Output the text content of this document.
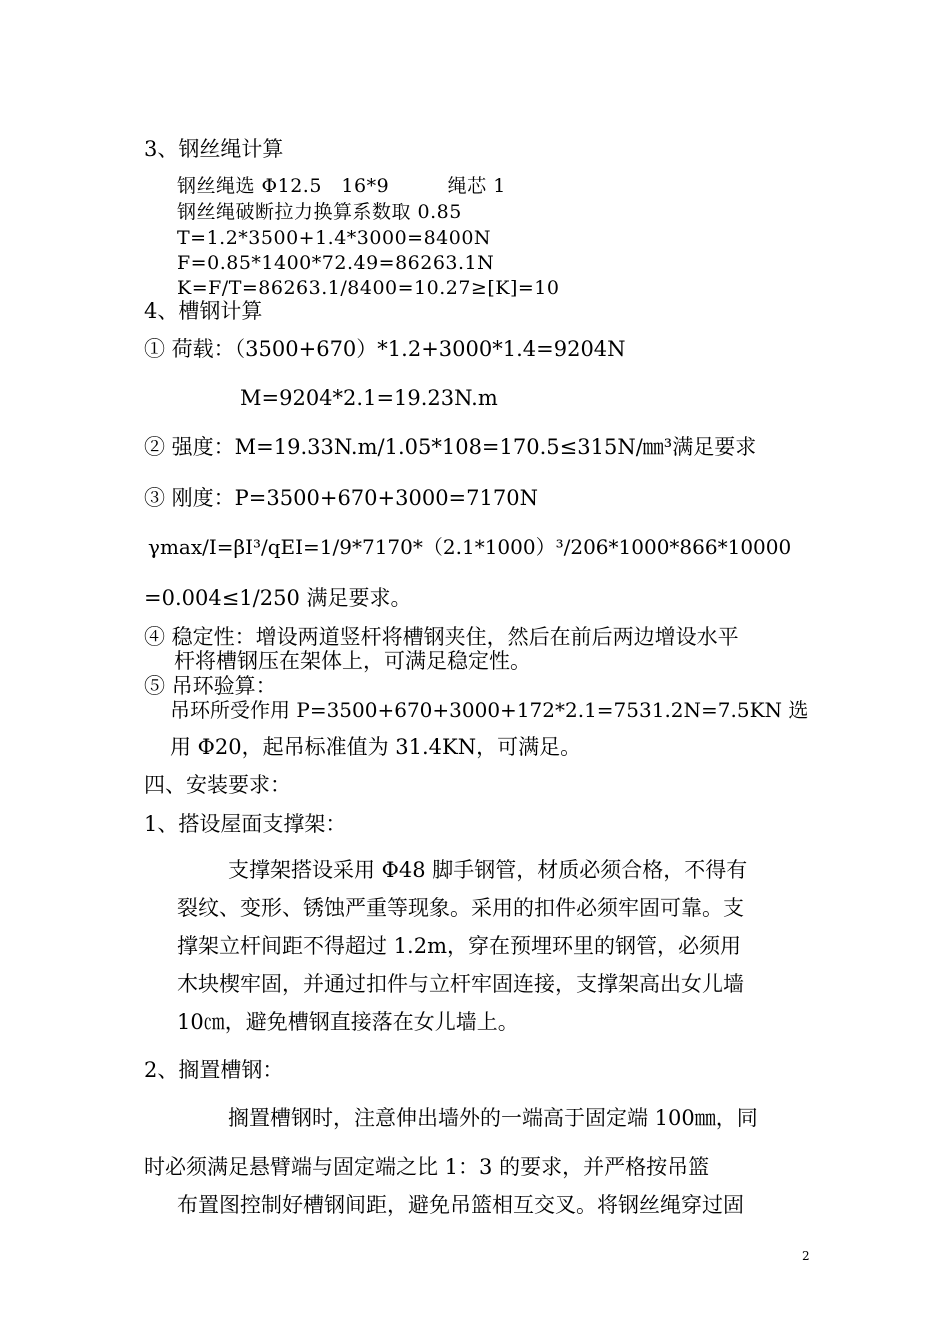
3、钢丝绳计算
钢丝绳选 Φ12.5　16*9　　　绳芯 1
钢丝绳破断拉力换算系数取 0.85
T=1.2*3500+1.4*3000=8400N
F=0.85*1400*72.49=86263.1N
K=F/T=86263.1/8400=10.27≥[K]=10
4、槽钢计算
① 荷载：（3500+670）*1.2+3000*1.4=9204N
M=9204*2.1=19.23N.m
② 强度：M=19.33N.m/1.05*108=170.5≤315N/㎜³满足要求
③ 刚度：P=3500+670+3000=7170N
γmax/I=βI³/qEI=1/9*7170*（2.1*1000）³/206*1000*866*10000
=0.004≤1/250 满足要求。
④ 稳定性：增设两道竖杆将槽钢夹住，然后在前后两边增设水平
杆将槽钢压在架体上，可满足稳定性。
⑤ 吊环验算：
吊环所受作用 P=3500+670+3000+172*2.1=7531.2N=7.5KN 选
用 Φ20，起吊标准值为 31.4KN，可满足。
四、安装要求：
1、搭设屋面支撑架：
支撑架搭设采用 Φ48 脚手钢管，材质必须合格，不得有
裂纹、变形、锈蚀严重等现象。采用的扣件必须牢固可靠。支
撑架立杆间距不得超过 1.2m，穿在预埋环里的钢管，必须用
木块楔牢固，并通过扣件与立杆牢固连接，支撑架高出女儿墙
10㎝，避免槽钢直接落在女儿墙上。
2、搁置槽钢：
搁置槽钢时，注意伸出墙外的一端高于固定端 100㎜，同
时必须满足悬臂端与固定端之比 1：3 的要求，并严格按吊篮
布置图控制好槽钢间距，避免吊篮相互交叉。将钢丝绳穿过固
2
